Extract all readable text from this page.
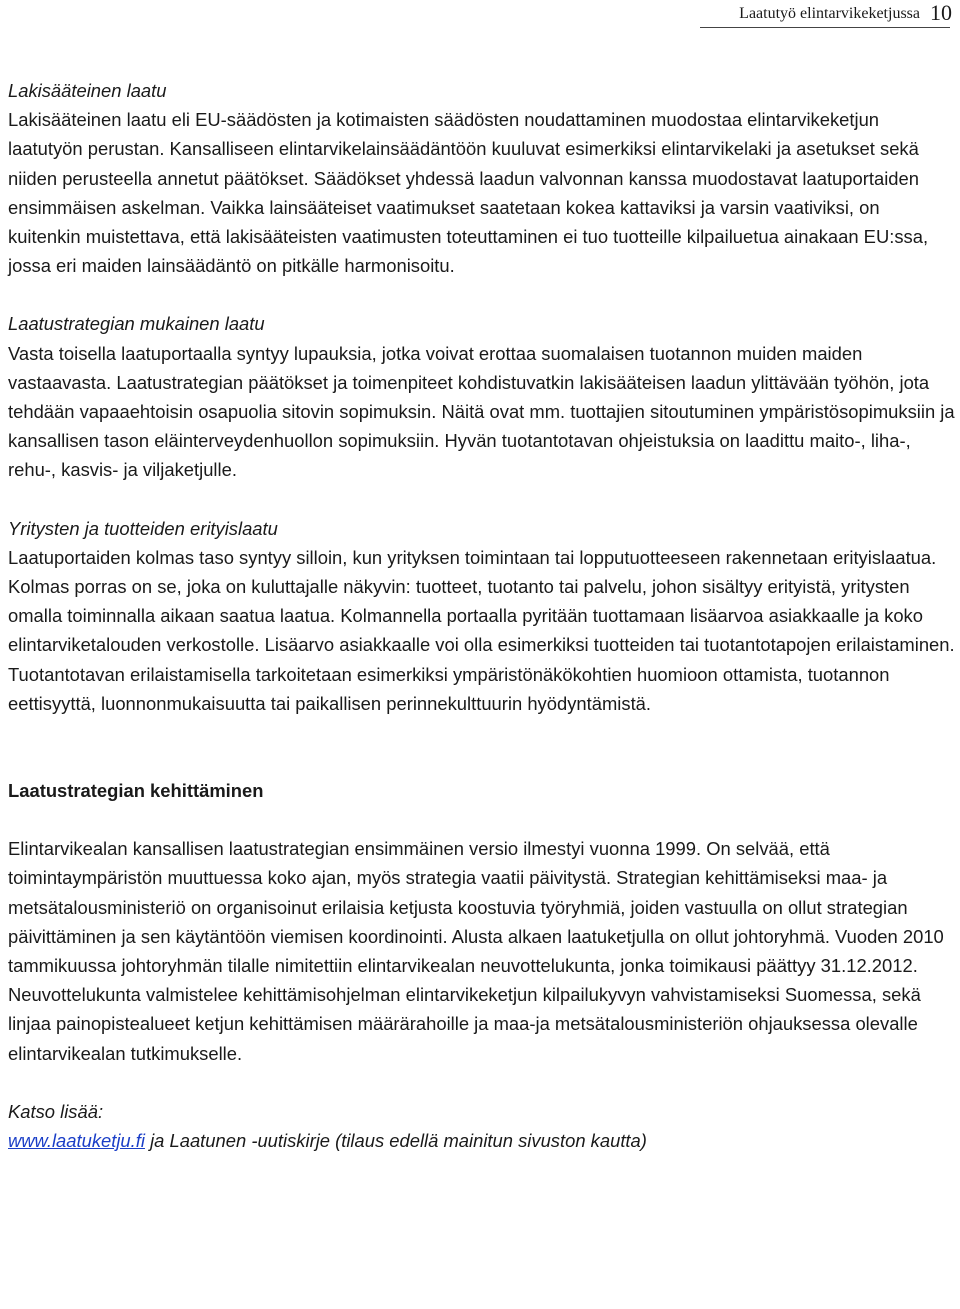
Laatutyö elintarvikeketjussa 10

Lakisääteinen laatu

Lakisääteinen laatu eli EU-säädösten ja kotimaisten säädösten noudattaminen muodostaa elintarvikeketjun laatutyön perustan. Kansalliseen elintarvikelainsäädäntöön kuuluvat esimerkiksi elintarvikelaki ja asetukset sekä niiden perusteella annetut päätökset. Säädökset yhdessä laadun valvonnan kanssa muodostavat laatuportaiden ensimmäisen askelman. Vaikka lainsääteiset vaatimukset saatetaan kokea kattaviksi ja varsin vaativiksi, on kuitenkin muistettava, että lakisääteisten vaatimusten toteuttaminen ei tuo tuotteille kilpailuetua ainakaan EU:ssa, jossa eri maiden lainsäädäntö on pitkälle harmonisoitu.

Laatustrategian mukainen laatu

Vasta toisella laatuportaalla syntyy lupauksia, jotka voivat erottaa suomalaisen tuotannon muiden maiden vastaavasta. Laatustrategian päätökset ja toimenpiteet kohdistuvatkin lakisääteisen laadun ylittävään työhön, jota tehdään vapaaehtoisin osapuolia sitovin sopimuksin. Näitä ovat mm. tuottajien sitoutuminen ympäristösopimuksiin ja kansallisen tason eläinterveydenhuollon sopimuksiin. Hyvän tuotantotavan ohjeistuksia on laadittu maito-, liha-, rehu-, kasvis- ja viljaketjulle.

Yritysten ja tuotteiden erityislaatu

Laatuportaiden kolmas taso syntyy silloin, kun yrityksen toimintaan tai lopputuotteeseen rakennetaan erityislaatua. Kolmas porras on se, joka on kuluttajalle näkyvin: tuotteet, tuotanto tai palvelu, johon sisältyy erityistä, yritysten omalla toiminnalla aikaan saatua laatua. Kolmannella portaalla pyritään tuottamaan lisäarvoa asiakkaalle ja koko elintarviketalouden verkostolle. Lisäarvo asiakkaalle voi olla esimerkiksi tuotteiden tai tuotantotapojen erilaistaminen. Tuotantotavan erilaistamisella tarkoitetaan esimerkiksi ympäristönäkökohtien huomioon ottamista, tuotannon eettisyyttä, luonnonmukaisuutta tai paikallisen perinnekulttuurin hyödyntämistä.

Laatustrategian kehittäminen

Elintarvikealan kansallisen laatustrategian ensimmäinen versio ilmestyi vuonna 1999. On selvää, että toimintaympäristön muuttuessa koko ajan, myös strategia vaatii päivitystä. Strategian kehittämiseksi maa- ja metsätalousministeriö on organisoinut erilaisia ketjusta koostuvia työryhmiä, joiden vastuulla on ollut strategian päivittäminen ja sen käytäntöön viemisen koordinointi. Alusta alkaen laatuketjulla on ollut johtoryhmä. Vuoden 2010 tammikuussa johtoryhmän tilalle nimitettiin elintarvikealan neuvottelukunta, jonka toimikausi päättyy 31.12.2012. Neuvottelukunta valmistelee kehittämisohjelman elintarvikeketjun kilpailukyvyn vahvistamiseksi Suomessa, sekä linjaa painopistealueet ketjun kehittämisen määrärahoille ja maa-ja metsätalousministeriön ohjauksessa olevalle elintarvikealan tutkimukselle.

Katso lisää:

www.laatuketju.fi ja Laatunen -uutiskirje (tilaus edellä mainitun sivuston kautta)
